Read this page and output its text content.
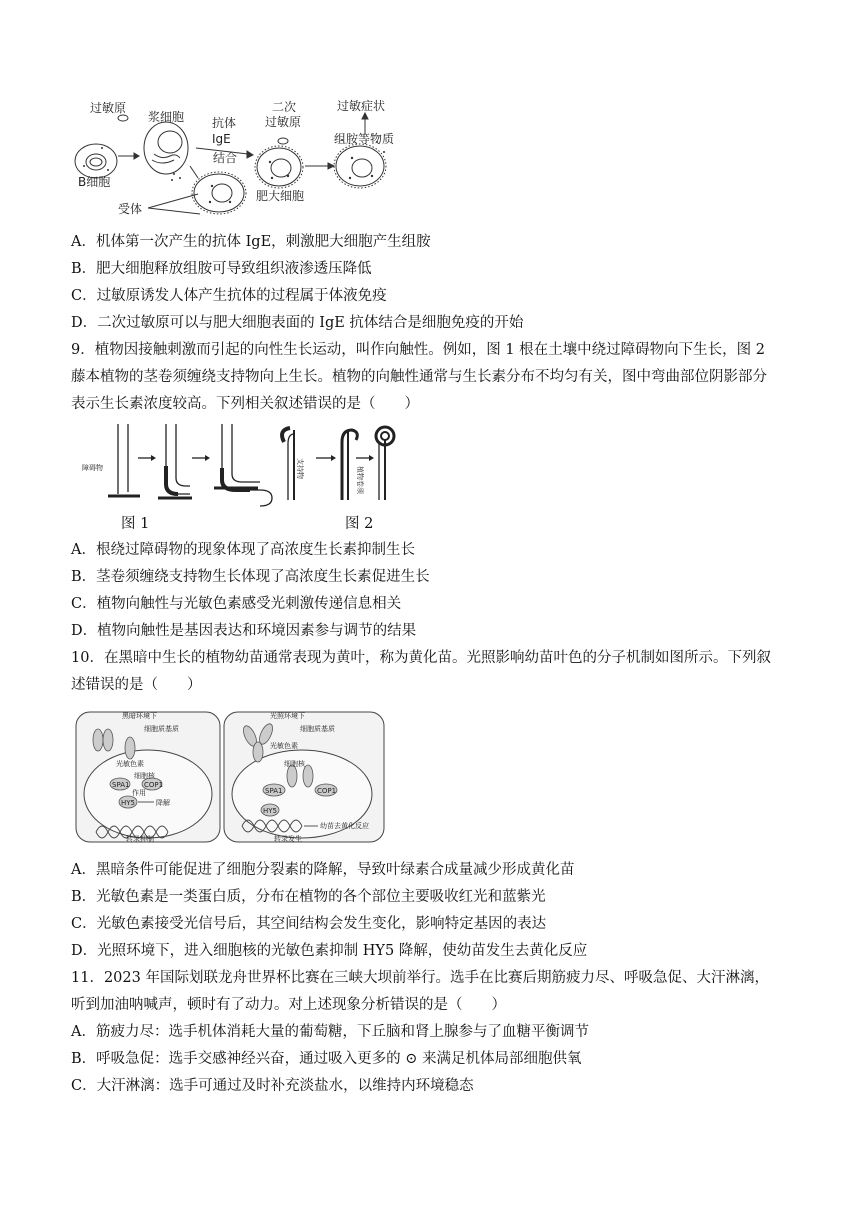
过敏原
浆细胞 抗体
IgE
结合
B细胞
受体
肥大细胞
二次
过敏原
过敏症状
组胺等物质
A．机体第一次产生的抗体 IgE，刺激肥大细胞产生组胺
B．肥大细胞释放组胺可导致组织液渗透压降低
C．过敏原诱发人体产生抗体的过程属于体液免疫
D．二次过敏原可以与肥大细胞表面的 IgE 抗体结合是细胞免疫的开始
9．植物因接触刺激而引起的向性生长运动，叫作向触性。例如，图 1 根在土壤中绕过障碍物向下生长，图 2
藤本植物的茎卷须缠绕支持物向上生长。植物的向触性通常与生长素分布不均匀有关，图中弯曲部位阴影部分
表示生长素浓度较高。下列相关叙述错误的是（　　）
障碍物	支持物	植物卷须
图 1	图 2
A．根绕过障碍物的现象体现了高浓度生长素抑制生长
B．茎卷须缠绕支持物生长体现了高浓度生长素促进生长
C．植物向触性与光敏色素感受光刺激传递信息相关
D．植物向触性是基因表达和环境因素参与调节的结果
10．在黑暗中生长的植物幼苗通常表现为黄叶，称为黄化苗。光照影响幼苗叶色的分子机制如图所示。下列叙
述错误的是（　　）
黑暗环境下
细胞质基质
光敏色素
细胞核
SPA1 COP1
作用
HY5	降解
转录抑制
光照环境下
细胞质基质
光敏色素
细胞核
SPA1	COP1
HY5
幼苗去黄化反应
转录发生
A．黑暗条件可能促进了细胞分裂素的降解，导致叶绿素合成量减少形成黄化苗
B．光敏色素是一类蛋白质，分布在植物的各个部位主要吸收红光和蓝紫光
C．光敏色素接受光信号后，其空间结构会发生变化，影响特定基因的表达
D．光照环境下，进入细胞核的光敏色素抑制 HY5 降解，使幼苗发生去黄化反应
11．2023 年国际划联龙舟世界杯比赛在三峡大坝前举行。选手在比赛后期筋疲力尽、呼吸急促、大汗淋漓，
听到加油呐喊声，顿时有了动力。对上述现象分析错误的是（　　）
A．筋疲力尽：选手机体消耗大量的葡萄糖，下丘脑和肾上腺参与了血糖平衡调节
B．呼吸急促：选手交感神经兴奋，通过吸入更多的 ⊙ 来满足机体局部细胞供氧
C．大汗淋漓：选手可通过及时补充淡盐水，以维持内环境稳态
